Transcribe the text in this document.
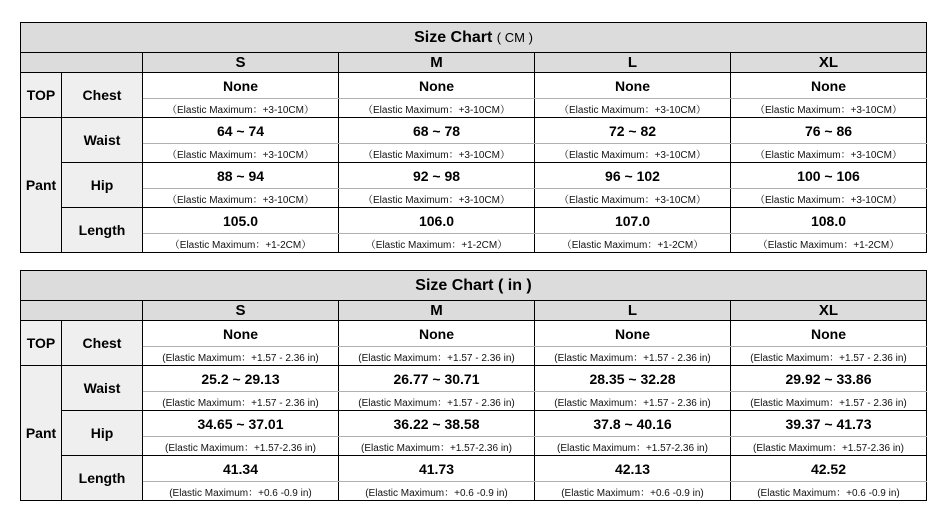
Size Chart ( CM )					
		S	M	L	XL
TOP	Chest	None	None	None	None
		（Elastic Maximum：+3-10CM）	（Elastic Maximum：+3-10CM）	（Elastic Maximum：+3-10CM）	（Elastic Maximum：+3-10CM）
Pant	Waist	64 ~ 74	68 ~ 78	72 ~ 82	76 ~ 86
		（Elastic Maximum：+3-10CM）	（Elastic Maximum：+3-10CM）	（Elastic Maximum：+3-10CM）	（Elastic Maximum：+3-10CM）
	Hip	88 ~ 94	92 ~ 98	96 ~ 102	100 ~ 106
		（Elastic Maximum：+3-10CM）	（Elastic Maximum：+3-10CM）	（Elastic Maximum：+3-10CM）	（Elastic Maximum：+3-10CM）
	Length	105.0	106.0	107.0	108.0
		（Elastic Maximum：+1-2CM）	（Elastic Maximum：+1-2CM）	（Elastic Maximum：+1-2CM）	（Elastic Maximum：+1-2CM）
Size Chart ( in )					
		S	M	L	XL
TOP	Chest	None	None	None	None
		(Elastic Maximum：+1.57 - 2.36 in)	(Elastic Maximum：+1.57 - 2.36 in)	(Elastic Maximum：+1.57 - 2.36 in)	(Elastic Maximum：+1.57 - 2.36 in)
Pant	Waist	25.2 ~ 29.13	26.77 ~ 30.71	28.35 ~ 32.28	29.92 ~ 33.86
		(Elastic Maximum：+1.57 - 2.36 in)	(Elastic Maximum：+1.57 - 2.36 in)	(Elastic Maximum：+1.57 - 2.36 in)	(Elastic Maximum：+1.57 - 2.36 in)
	Hip	34.65 ~ 37.01	36.22 ~ 38.58	37.8 ~ 40.16	39.37 ~ 41.73
		(Elastic Maximum：+1.57-2.36 in)	(Elastic Maximum：+1.57-2.36 in)	(Elastic Maximum：+1.57-2.36 in)	(Elastic Maximum：+1.57-2.36 in)
	Length	41.34	41.73	42.13	42.52
		(Elastic Maximum：+0.6 -0.9 in)	(Elastic Maximum：+0.6 -0.9 in)	(Elastic Maximum：+0.6 -0.9 in)	(Elastic Maximum：+0.6 -0.9 in)
